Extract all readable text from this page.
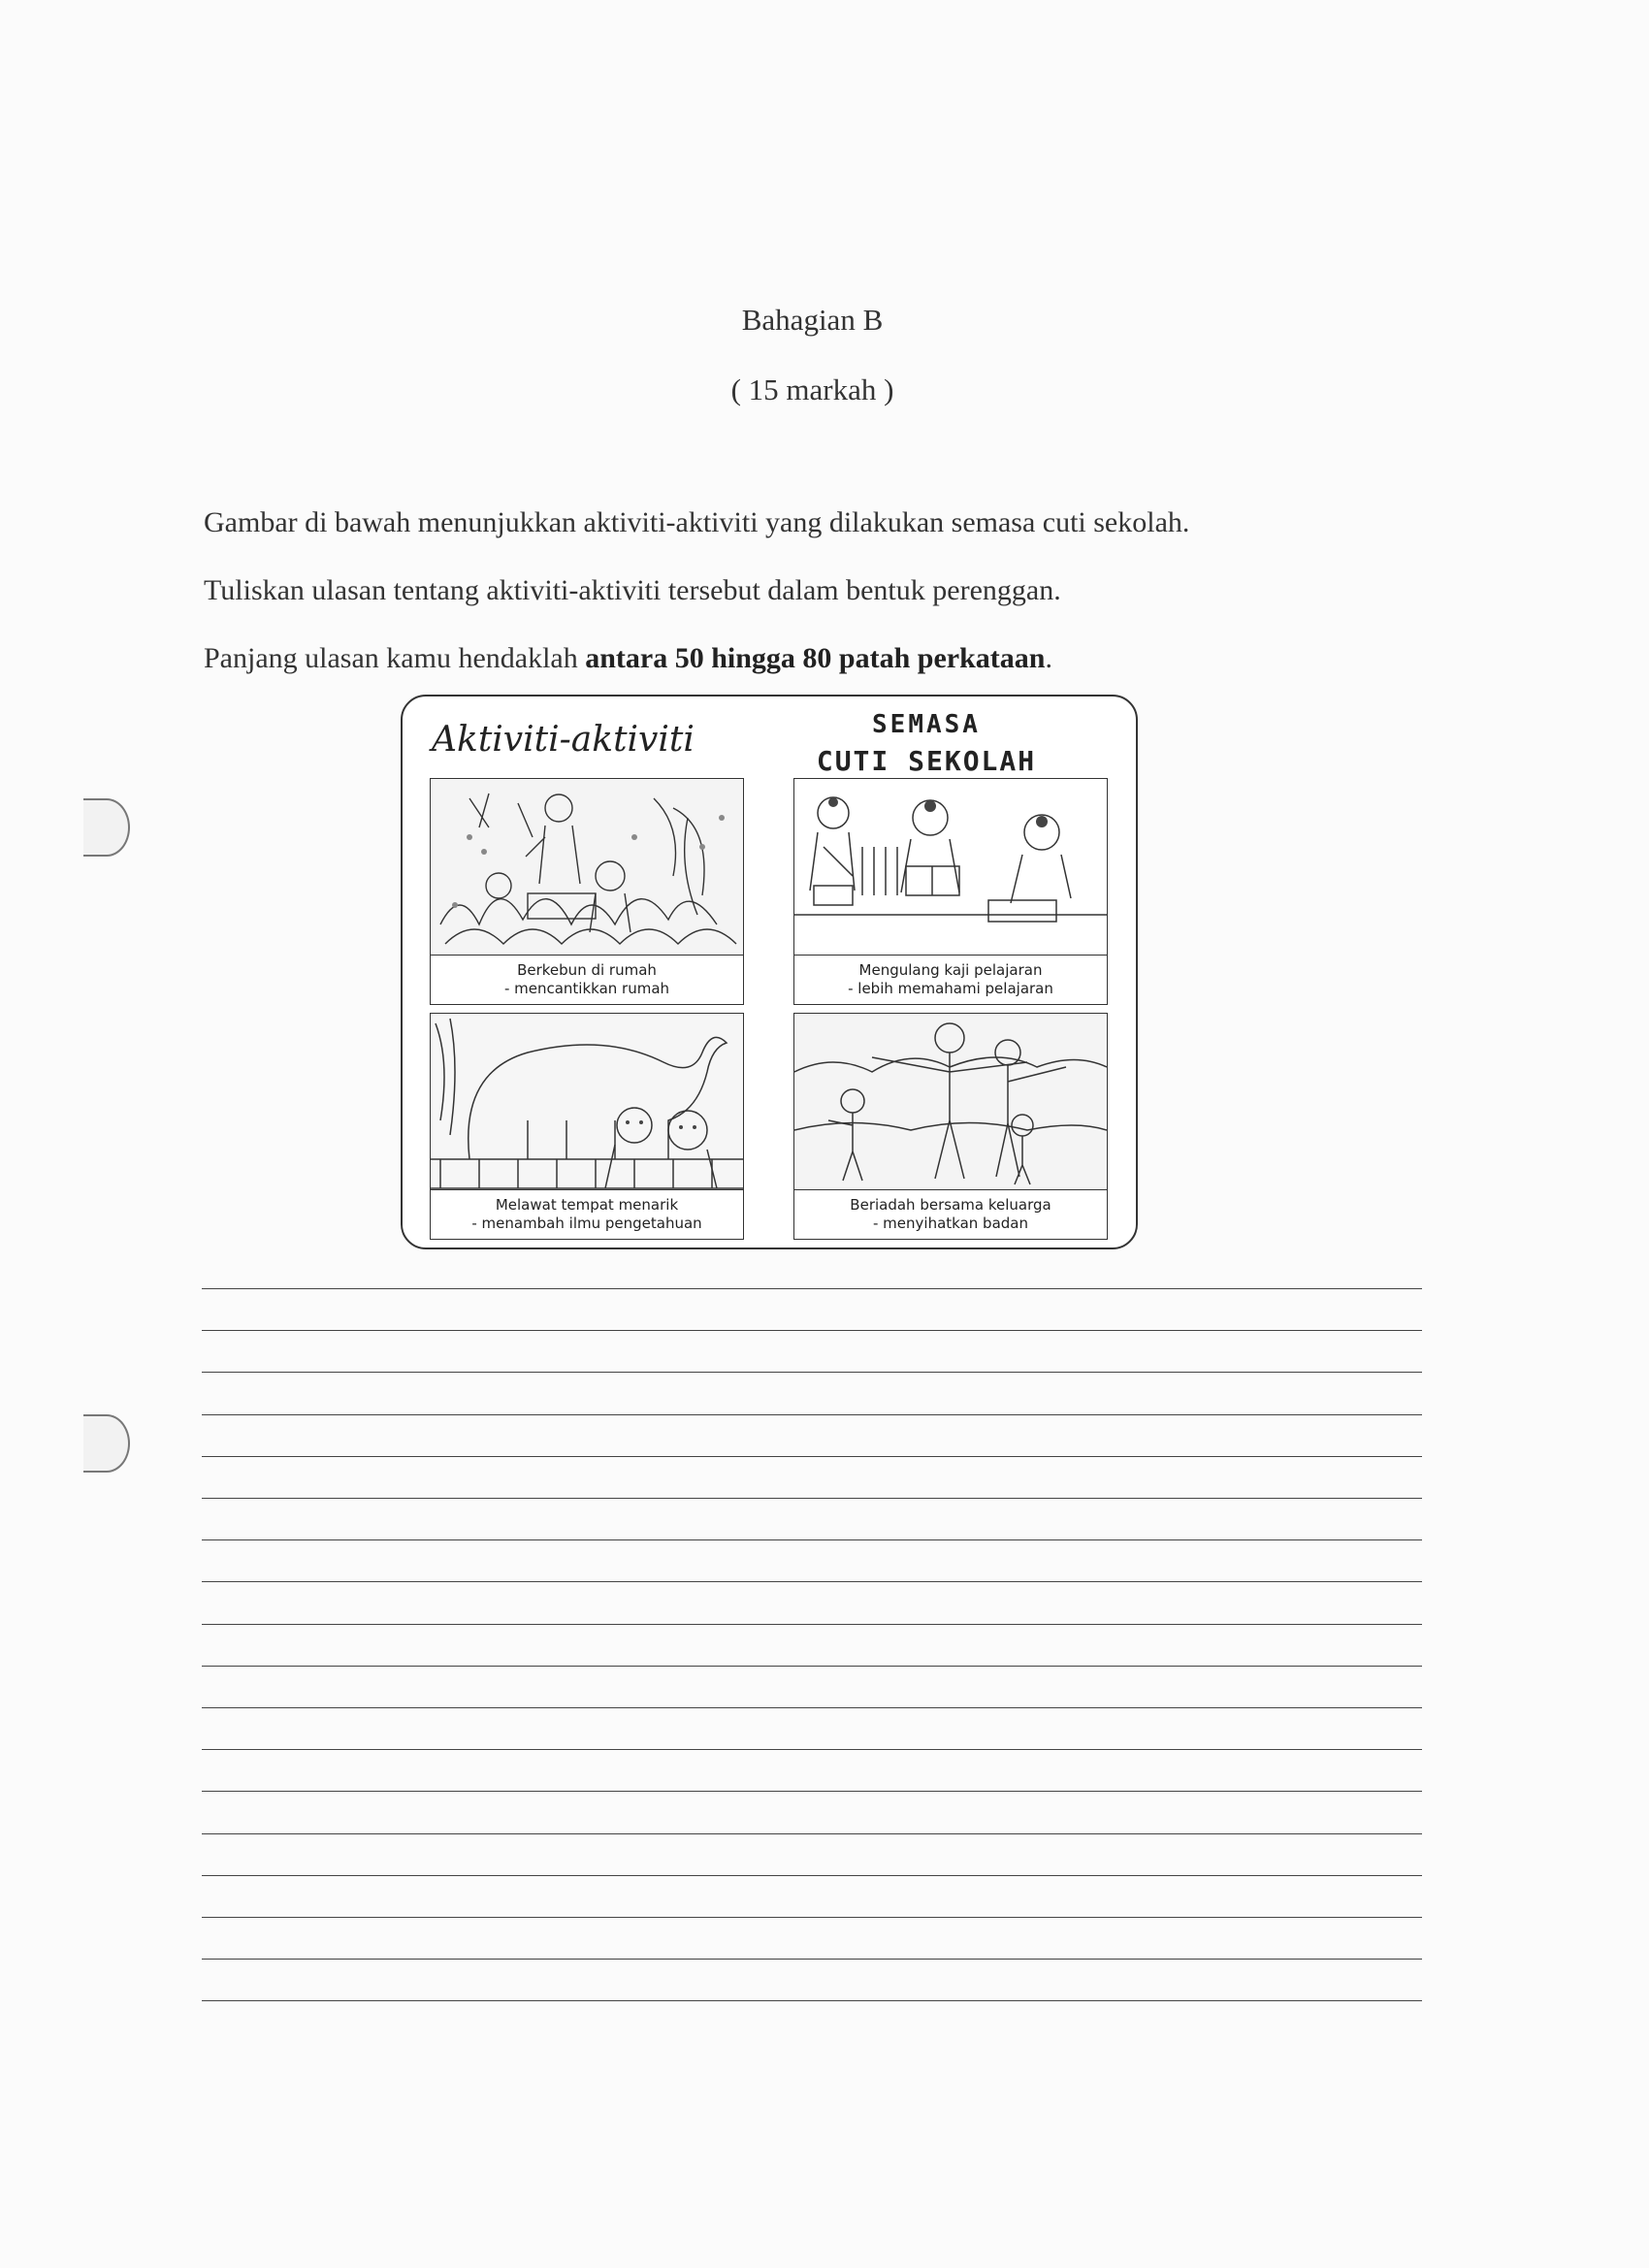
Bahagian B
( 15 markah )
Gambar di bawah menunjukkan aktiviti-aktiviti yang dilakukan semasa cuti sekolah.
Tuliskan ulasan tentang aktiviti-aktiviti tersebut dalam bentuk perenggan.
Panjang ulasan kamu hendaklah antara 50 hingga 80 patah perkataan.
Aktiviti-aktiviti	SEMASA
CUTI SEKOLAH
Berkebun di rumah
- mencantikkan rumah
Mengulang kaji pelajaran
- lebih memahami pelajaran
Melawat tempat menarik
- menambah ilmu pengetahuan
Beriadah bersama keluarga
- menyihatkan badan
